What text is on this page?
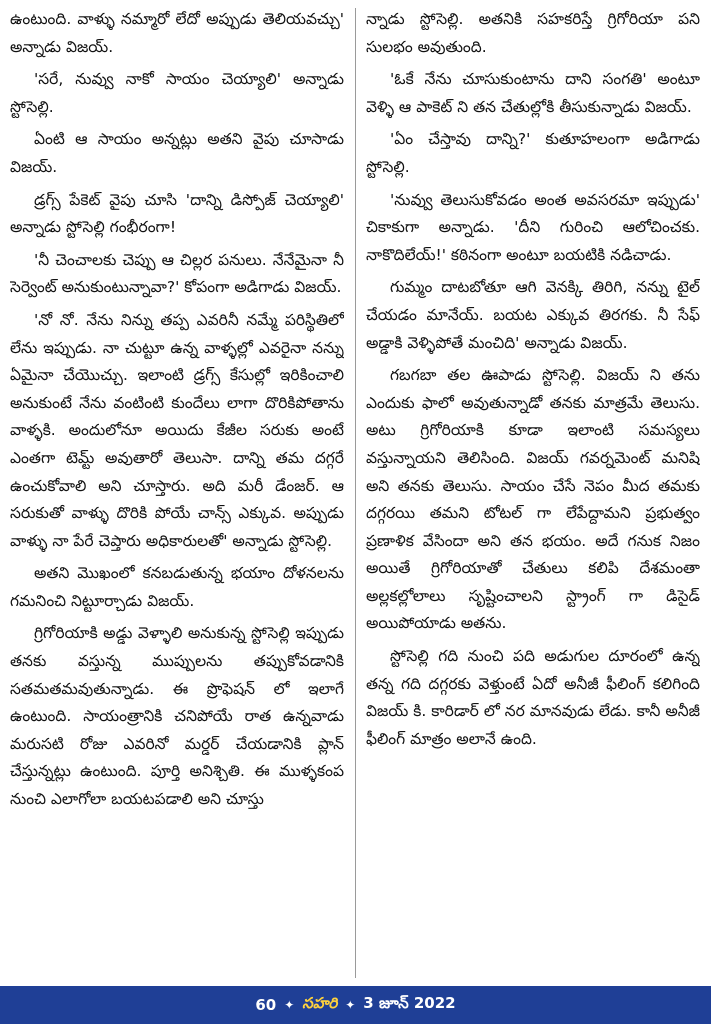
ఉంటుంది. వాళ్ళు నమ్మారో లేదో అప్పుడు తెలియవచ్చు' అన్నాడు విజయ్.

'సరే, నువ్వు నాకో సాయం చెయ్యాలి' అన్నాడు స్టోసెల్లి.

ఏంటి ఆ సాయం అన్నట్లు అతని వైపు చూసాడు విజయ్.

డ్రగ్స్ పేకెట్ వైపు చూసి 'దాన్ని డిస్పోజ్ చెయ్యాలి' అన్నాడు స్టోసెల్లి గంభీరంగా!

'నీ చెంచాలకు చెప్పు ఆ చిల్లర పనులు. నేనేమైనా నీ సెర్వెంట్ అనుకుంటున్నావా?' కోపంగా అడిగాడు విజయ్.

'నో నో. నేను నిన్ను తప్ప ఎవరినీ నమ్మే పరిస్థితిలో లేను ఇప్పుడు. నా చుట్టూ ఉన్న వాళ్ళల్లో ఎవరైనా నన్ను ఏమైనా చేయొచ్చు. ఇలాంటి డ్రగ్స్ కేసుల్లో ఇరికించాలి అనుకుంటే నేను వంటింటి కుందేలు లాగా దొరికిపోతాను వాళ్ళకి. అందులోనూ అయిదు కేజీల సరుకు అంటే ఎంతగా టెమ్ట్ అవుతారో తెలుసా. దాన్ని తమ దగ్గరే ఉంచుకోవాలి అని చూస్తారు. అది మరీ డేంజర్. ఆ సరుకుతో వాళ్ళు దొరికి పోయే చాన్స్ ఎక్కువ. అప్పుడు వాళ్ళు నా పేరే చెప్తారు అధికారులతో' అన్నాడు స్టోసెల్లి.

అతని మొఖంలో కనబడుతున్న భయాం దోళనలను గమనించి నిట్టూర్చాడు విజయ్.

గ్రిగోరియాకి అడ్డు వెళ్ళాలి అనుకున్న స్టోసెల్లి ఇప్పుడు తనకు వస్తున్న ముప్పులను తప్పుకోవడానికి సతమతమవుతున్నాడు. ఈ ప్రొఫెషన్ లో ఇలాగే ఉంటుంది. సాయంత్రానికి చనిపోయే రాత ఉన్నవాడు మరుసటి రోజు ఎవరినో మర్డర్ చేయడానికి ప్లాన్ చేస్తున్నట్లు ఉంటుంది. పూర్తి అనిశ్చితి. ఈ ముళ్ళకంప నుంచి ఎలాగోలా బయటపడాలి అని చూస్తు

న్నాడు స్టోసెల్లి. అతనికి సహకరిస్తే గ్రిగోరియా పని సులభం అవుతుంది.

'ఓకే నేను చూసుకుంటాను దాని సంగతి' అంటూ వెళ్ళి ఆ పాకెట్ ని తన చేతుల్లోకి తీసుకున్నాడు విజయ్.

'ఏం చేస్తావు దాన్ని?' కుతూహలంగా అడిగాడు స్టోసెల్లి.

'నువ్వు తెలుసుకోవడం అంత అవసరమా ఇప్పుడు' చికాకుగా అన్నాడు. 'దీని గురించి ఆలోచించకు. నాకొదిలేయ్!' కఠినంగా అంటూ బయటికి నడిచాడు.

గుమ్మం దాటబోతూ ఆగి వెనక్కి తిరిగి, నన్ను టైల్ చేయడం మానేయ్. బయట ఎక్కువ తిరగకు. నీ సేఫ్ అడ్డాకి వెళ్ళిపోతే మంచిది' అన్నాడు విజయ్.

గబగబా తల ఊపాడు స్టోసెల్లి. విజయ్ ని తను ఎందుకు ఫాలో అవుతున్నాడో తనకు మాత్రమే తెలుసు. అటు గ్రిగోరియాకి కూడా ఇలాంటి సమస్యలు వస్తున్నాయని తెలిసింది. విజయ్ గవర్నమెంట్ మనిషి అని తనకు తెలుసు. సాయం చేసే నెపం మీద తమకు దగ్గరయి తమని టోటల్ గా లేపేద్దామని ప్రభుత్వం ప్రణాళిక వేసిందా అని తన భయం. అదే గనుక నిజం అయితే గ్రిగోరియాతో చేతులు కలిపి దేశమంతా అల్లకల్లోలాలు సృష్టించాలని స్ట్రాంగ్ గా డిసైడ్ అయిపోయాడు అతను.

స్టోసెల్లి గది నుంచి పది అడుగుల దూరంలో ఉన్న తన్న గది దగ్గరకు వెళ్తుంటే ఏదో అనీజీ ఫీలింగ్ కలిగింది విజయ్ కి. కారిడార్ లో నర మానవుడు లేడు. కానీ అనీజీ ఫీలింగ్ మాత్రం అలానే ఉంది.

60 ✦ సహరి ✦ 3 జూన్ 2022
